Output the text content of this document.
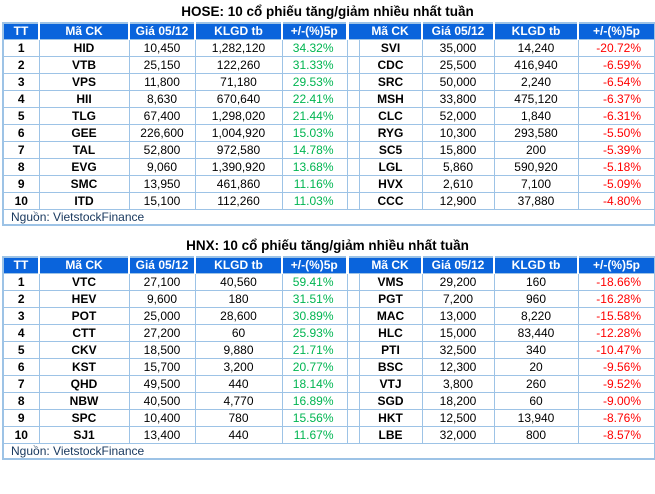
HOSE: 10 cổ phiếu tăng/giảm nhiều nhất tuần
TT	Mã CK	Giá 05/12	KLGD tb	+/-(%)5p		Mã CK	Giá 05/12	KLGD tb	+/-(%)5p
1	HID	10,450	1,282,120	34.32%		SVI	35,000	14,240	-20.72%
2	VTB	25,150	122,260	31.33%		CDC	25,500	416,940	-6.59%
3	VPS	11,800	71,180	29.53%		SRC	50,000	2,240	-6.54%
4	HII	8,630	670,640	22.41%		MSH	33,800	475,120	-6.37%
5	TLG	67,400	1,298,020	21.44%		CLC	52,000	1,840	-6.31%
6	GEE	226,600	1,004,920	15.03%		RYG	10,300	293,580	-5.50%
7	TAL	52,800	972,580	14.78%		SC5	15,800	200	-5.39%
8	EVG	9,060	1,390,920	13.68%		LGL	5,860	590,920	-5.18%
9	SMC	13,950	461,860	11.16%		HVX	2,610	7,100	-5.09%
10	ITD	15,100	112,260	11.03%		CCC	12,900	37,880	-4.80%
Nguồn: VietstockFinance									
HNX: 10 cổ phiếu tăng/giảm nhiều nhất tuần
TT	Mã CK	Giá 05/12	KLGD tb	+/-(%)5p		Mã CK	Giá 05/12	KLGD tb	+/-(%)5p
1	VTC	27,100	40,560	59.41%		VMS	29,200	160	-18.66%
2	HEV	9,600	180	31.51%		PGT	7,200	960	-16.28%
3	POT	25,000	28,600	30.89%		MAC	13,000	8,220	-15.58%
4	CTT	27,200	60	25.93%		HLC	15,000	83,440	-12.28%
5	CKV	18,500	9,880	21.71%		PTI	32,500	340	-10.47%
6	KST	15,700	3,200	20.77%		BSC	12,300	20	-9.56%
7	QHD	49,500	440	18.14%		VTJ	3,800	260	-9.52%
8	NBW	40,500	4,770	16.89%		SGD	18,200	60	-9.00%
9	SPC	10,400	780	15.56%		HKT	12,500	13,940	-8.76%
10	SJ1	13,400	440	11.67%		LBE	32,000	800	-8.57%
Nguồn: VietstockFinance									
